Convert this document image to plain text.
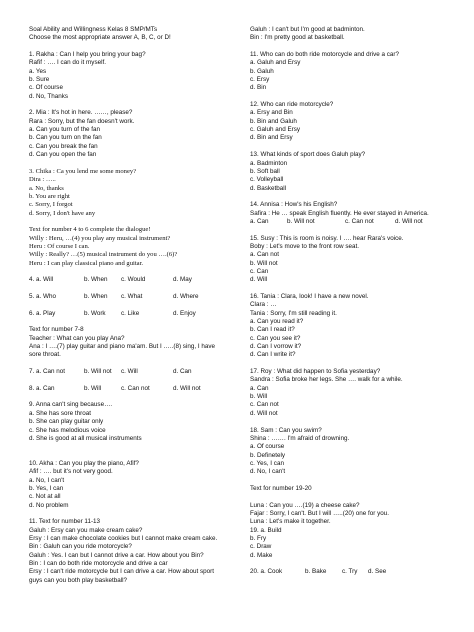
Soal Ability and Willingness Kelas 8 SMP/MTs
Choose the most appropriate answer A, B, C, or D!
1. Rakha : Can I help you bring your bag?
Rafif : …. I can do it myself.
a. Yes
b. Sure
c. Of course
d. No, Thanks
2. Mia : It's hot in here. ……, please?
Rara : Sorry, but the fan doesn't work.
a. Can you turn of the fan
b. Can you turn on the fan
c. Can you break the fan
d. Can you open the fan
3. Chika : Ca you lend me some money?
Dira : …..
a. No, thanks
b. You are right
c. Sorry, I forgot
d. Sorry, I don't have any
Text for number 4 to 6 complete the dialogue!
Willy : Heru, …(4) you play any musical instrument?
Heru : Of course I can.
Willy : Really? …(5) musical instrument do you ….(6)?
Heru : I can play classical piano and guitar.
4. a. Will	b. When	c. Would	d. May
5. a. Who	b. When	c. What	d. Where
6. a. Play	b. Work	c. Like	d. Enjoy
Text for number 7-8
Teacher : What can you play Ana?
Ana : I ….(7) play guitar and piano ma'am. But I …..(8) sing, I have
sore throat.
7. a. Can not	b. Will not	c. Will	d. Can
8. a. Can	b. Will	c. Can not	d. Will not
9. Anna can't sing because….
a. She has sore throat
b. She can play guitar only
c. She has melodious voice
d. She is good at all musical instruments
10. Akha : Can you play the piano, Afif?
Afif : …. but it's not very good.
a. No, I can't
b. Yes, I can
c. Not at all
d. No problem
11. Text for number 11-13
Galuh : Ersy can you make cream cake?
Ersy : I can make chocolate cookies but I cannot make cream cake.
Bin : Galuh can you ride motorcycle?
Galuh : Yes. I can but I cannot drive a car. How about you Bin?
Bin : I can do both ride motorcycle and drive a car
Ersy : I can't ride motorcycle but I can drive a car. How about sport
guys can you both play basketball?
Galuh : I can't but I'm good at badminton.
Bin : I'm pretty good at basketball.
11. Who can do both ride motorcycle and drive a car?
a. Galuh and Ersy
b. Galuh
c. Ersy
d. Bin
12. Who can ride motorcycle?
a. Ersy and Bin
b. Bin and Galuh
c. Galuh and Ersy
d. Bin and Ersy
13. What kinds of sport does Galuh play?
a. Badminton
b. Soft ball
c. Volleyball
d. Basketball
14. Annisa : How's his English?
Safira : He … speak English fluently. He ever stayed in America.
a. Can	b. Will not	c. Can not	d. Will not
15. Susy : This is room is noisy. I …. hear Rara's voice.
Boby : Let's move to the front row seat.
a. Can not
b. Will not
c. Can
d. Will
16. Tania : Clara, look! I have a new novel.
Clara : …
Tania : Sorry, I'm still reading it.
a. Can you read it?
b. Can I read it?
c. Can you see it?
d. Can I vorrow it?
d. Can I write it?
17. Roy : What did happen to Sofia yesterday?
Sandra : Sofia broke her legs. She …. walk for a while.
a. Can
b. Will
c. Can not
d. Will not
18. Sam : Can you swim?
Shina : ……. I'm afraid of drowning.
a. Of course
b. Definetely
c. Yes, I can
d. No, I can't
Text for number 19-20
Luna : Can you ….(19) a cheese cake?
Fajar : Sorry, I can't. But I will …..(20) one for you.
Luna : Let's make it together.
19. a. Build
b. Fry
c. Draw
d. Make
20. a. Cook	b. Bake	c. Try	d. See
